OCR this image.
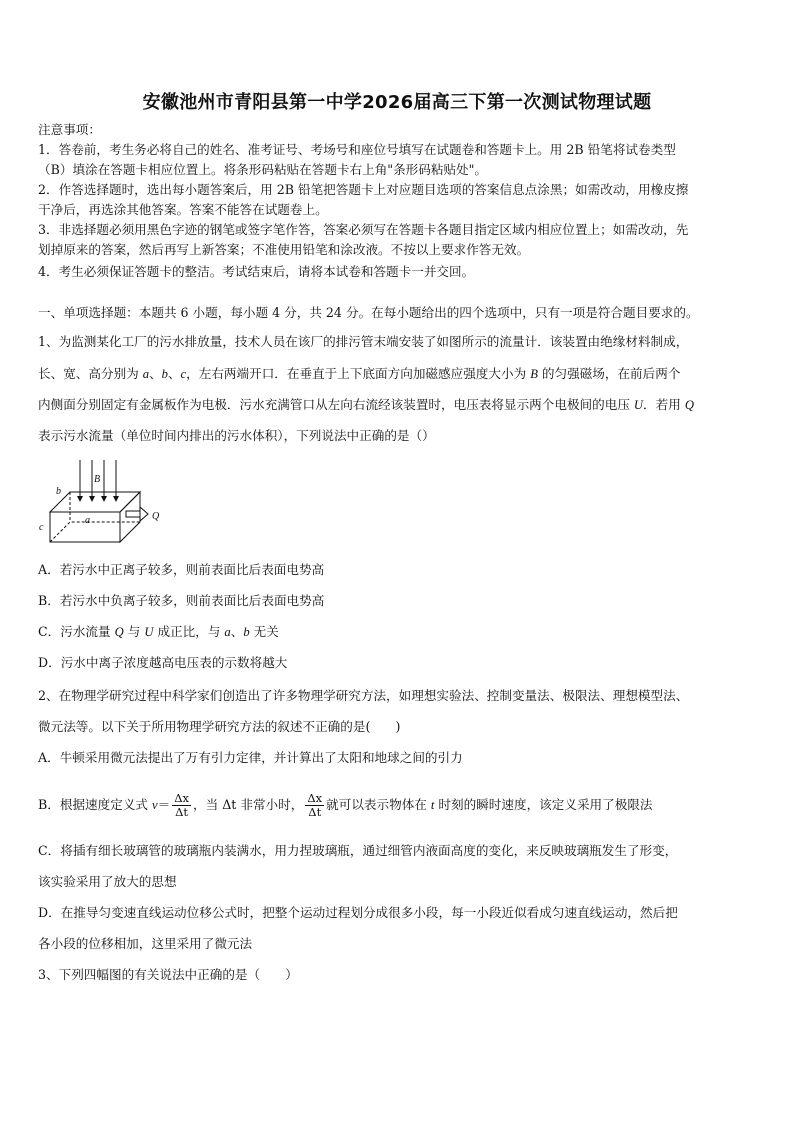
安徽池州市青阳县第一中学2026届高三下第一次测试物理试题
注意事项：
1．答卷前，考生务必将自己的姓名、准考证号、考场号和座位号填写在试题卷和答题卡上。用 2B 铅笔将试卷类型
（B）填涂在答题卡相应位置上。将条形码粘贴在答题卡右上角"条形码粘贴处"。
2．作答选择题时，选出每小题答案后，用 2B 铅笔把答题卡上对应题目选项的答案信息点涂黑；如需改动，用橡皮擦
干净后，再选涂其他答案。答案不能答在试题卷上。
3．非选择题必须用黑色字迹的钢笔或签字笔作答，答案必须写在答题卡各题目指定区域内相应位置上；如需改动，先
划掉原来的答案，然后再写上新答案；不准使用铅笔和涂改液。不按以上要求作答无效。
4．考生必须保证答题卡的整洁。考试结束后，请将本试卷和答题卡一并交回。
一、单项选择题：本题共 6 小题，每小题 4 分，共 24 分。在每小题给出的四个选项中，只有一项是符合题目要求的。
1、为监测某化工厂的污水排放量，技术人员在该厂的排污管末端安装了如图所示的流量计．该装置由绝缘材料制成，
长、宽、高分别为 a、b、c，左右两端开口．在垂直于上下底面方向加磁感应强度大小为 B 的匀强磁场，在前后两个
内侧面分别固定有金属板作为电极．污水充满管口从左向右流经该装置时，电压表将显示两个电极间的电压 U．若用 Q
表示污水流量（单位时间内排出的污水体积），下列说法中正确的是（）
b
B
a
c
Q
A．若污水中正离子较多，则前表面比后表面电势高
B．若污水中负离子较多，则前表面比后表面电势高
C．污水流量 Q 与 U 成正比，与 a、b 无关
D．污水中离子浓度越高电压表的示数将越大
2、在物理学研究过程中科学家们创造出了许多物理学研究方法，如理想实验法、控制变量法、极限法、理想模型法、
微元法等。以下关于所用物理学研究方法的叙述不正确的是(　　)
A．牛顿采用微元法提出了万有引力定律，并计算出了太阳和地球之间的引力
B．根据速度定义式 $v= \frac{\Delta x}{\Delta t}$ ，当 Δt 非常小时， $\frac{\Delta x}{\Delta t}$ 就可以表示物体在 t 时刻的瞬时速度，该定义采用了极限法
C．将插有细长玻璃管的玻璃瓶内装满水，用力捏玻璃瓶，通过细管内液面高度的变化，来反映玻璃瓶发生了形变，
该实验采用了放大的思想
D．在推导匀变速直线运动位移公式时，把整个运动过程划分成很多小段，每一小段近似看成匀速直线运动，然后把
各小段的位移相加，这里采用了微元法
3、下列四幅图的有关说法中正确的是（　　）
